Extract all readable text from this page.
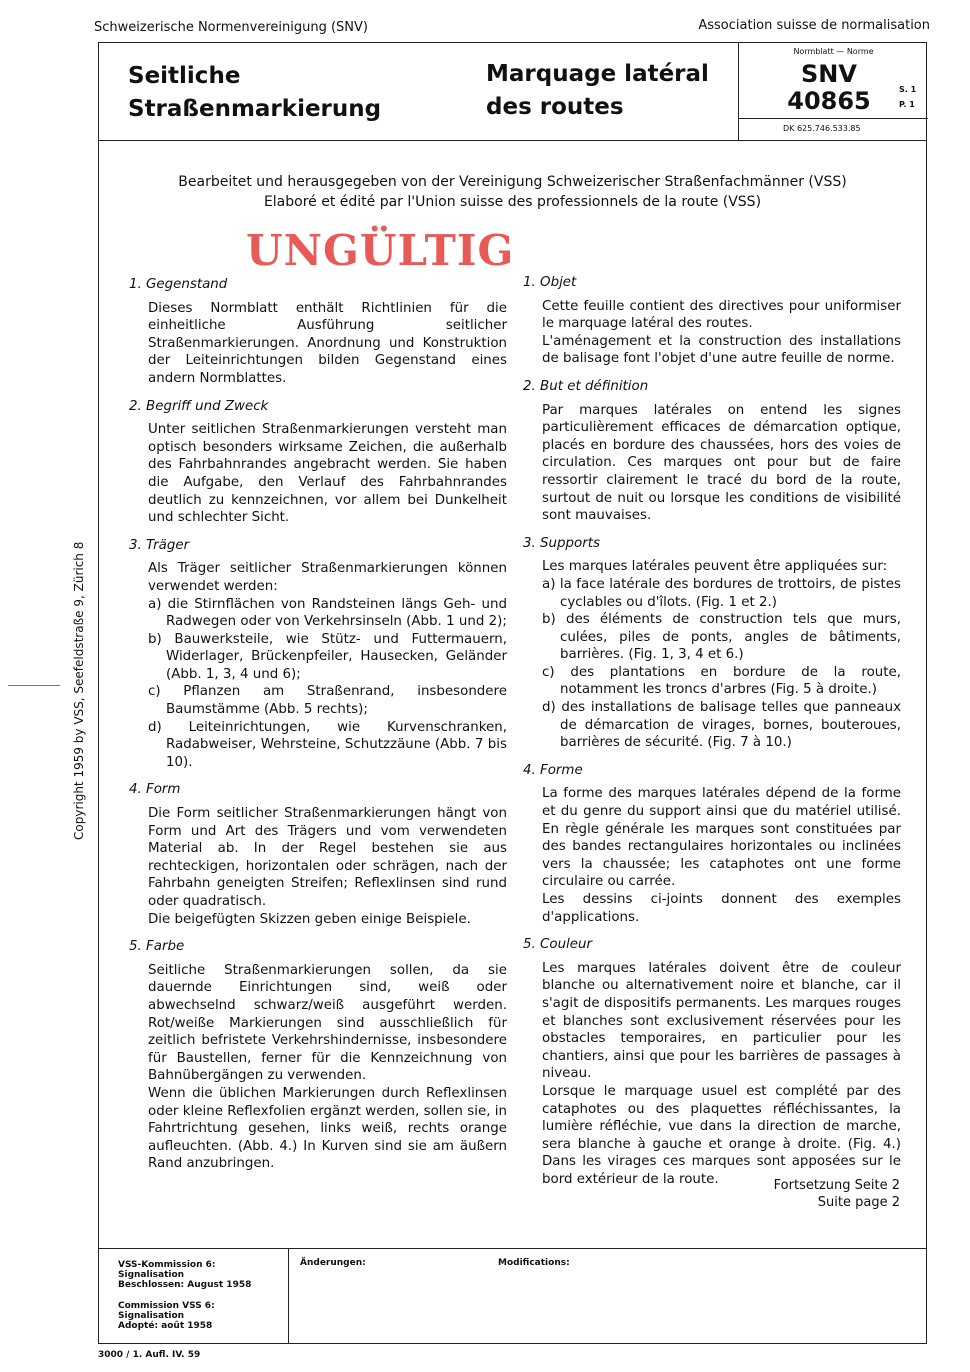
Schweizerische Normenvereinigung (SNV)	Association suisse de normalisation
Seitliche
Straßenmarkierung
Marquage latéral
des routes
Normblatt — Norme
SNV
40865	S. 1
P. 1
DK 625.746.533.85
Bearbeitet und herausgegeben von der Vereinigung Schweizerischer Straßenfachmänner (VSS)
Elaboré et édité par l'Union suisse des professionnels de la route (VSS)
UNGÜLTIG
Copyright 1959 by VSS, Seefeldstraße 9, Zürich 8
1. Gegenstand
Dieses Normblatt enthält Richtlinien für die einheitliche Ausführung seitlicher Straßenmarkierungen. Anordnung und Konstruktion der Leiteinrichtungen bilden Gegenstand eines andern Normblattes.
2. Begriff und Zweck
Unter seitlichen Straßenmarkierungen versteht man optisch besonders wirksame Zeichen, die außerhalb des Fahrbahnrandes angebracht werden. Sie haben die Aufgabe, den Verlauf des Fahrbahnrandes deutlich zu kennzeichnen, vor allem bei Dunkelheit und schlechter Sicht.
3. Träger
Als Träger seitlicher Straßenmarkierungen können verwendet werden:
a) die Stirnflächen von Randsteinen längs Geh- und Radwegen oder von Verkehrsinseln (Abb. 1 und 2);
b) Bauwerksteile, wie Stütz- und Futtermauern, Widerlager, Brückenpfeiler, Hausecken, Geländer (Abb. 1, 3, 4 und 6);
c) Pflanzen am Straßenrand, insbesondere Baumstämme (Abb. 5 rechts);
d) Leiteinrichtungen, wie Kurvenschranken, Radabweiser, Wehrsteine, Schutzzäune (Abb. 7 bis 10).
4. Form
Die Form seitlicher Straßenmarkierungen hängt von Form und Art des Trägers und vom verwendeten Material ab. In der Regel bestehen sie aus rechteckigen, horizontalen oder schrägen, nach der Fahrbahn geneigten Streifen; Reflexlinsen sind rund oder quadratisch.
Die beigefügten Skizzen geben einige Beispiele.
5. Farbe
Seitliche Straßenmarkierungen sollen, da sie dauernde Einrichtungen sind, weiß oder abwechselnd schwarz/weiß ausgeführt werden. Rot/weiße Markierungen sind ausschließlich für zeitlich befristete Verkehrshindernisse, insbesondere für Baustellen, ferner für die Kennzeichnung von Bahnübergängen zu verwenden.
Wenn die üblichen Markierungen durch Reflexlinsen oder kleine Reflexfolien ergänzt werden, sollen sie, in Fahrtrichtung gesehen, links weiß, rechts orange aufleuchten. (Abb. 4.) In Kurven sind sie am äußern Rand anzubringen.
1. Objet
Cette feuille contient des directives pour uniformiser le marquage latéral des routes.
L'aménagement et la construction des installations de balisage font l'objet d'une autre feuille de norme.
2. But et définition
Par marques latérales on entend les signes particulièrement efficaces de démarcation optique, placés en bordure des chaussées, hors des voies de circulation. Ces marques ont pour but de faire ressortir clairement le tracé du bord de la route, surtout de nuit ou lorsque les conditions de visibilité sont mauvaises.
3. Supports
Les marques latérales peuvent être appliquées sur:
a) la face latérale des bordures de trottoirs, de pistes cyclables ou d'îlots. (Fig. 1 et 2.)
b) des éléments de construction tels que murs, culées, piles de ponts, angles de bâtiments, barrières. (Fig. 1, 3, 4 et 6.)
c) des plantations en bordure de la route, notamment les troncs d'arbres (Fig. 5 à droite.)
d) des installations de balisage telles que panneaux de démarcation de virages, bornes, bouteroues, barrières de sécurité. (Fig. 7 à 10.)
4. Forme
La forme des marques latérales dépend de la forme et du genre du support ainsi que du matériel utilisé. En règle générale les marques sont constituées par des bandes rectangulaires horizontales ou inclinées vers la chaussée; les cataphotes ont une forme circulaire ou carrée.
Les dessins ci-joints donnent des exemples d'applications.
5. Couleur
Les marques latérales doivent être de couleur blanche ou alternativement noire et blanche, car il s'agit de dispositifs permanents. Les marques rouges et blanches sont exclusivement réservées pour les obstacles temporaires, en particulier pour les chantiers, ainsi que pour les barrières de passages à niveau.
Lorsque le marquage usuel est complété par des cataphotes ou des plaquettes réfléchissantes, la lumière réfléchie, vue dans la direction de marche, sera blanche à gauche et orange à droite. (Fig. 4.) Dans les virages ces marques sont apposées sur le bord extérieur de la route.	Fortsetzung Seite 2
Suite page 2
VSS-Kommission 6:
Signalisation
Beschlossen: August 1958
Commission VSS 6:
Signalisation
Adopté: août 1958
Änderungen:	Modifications:
3000 / 1. Aufl. IV. 59
